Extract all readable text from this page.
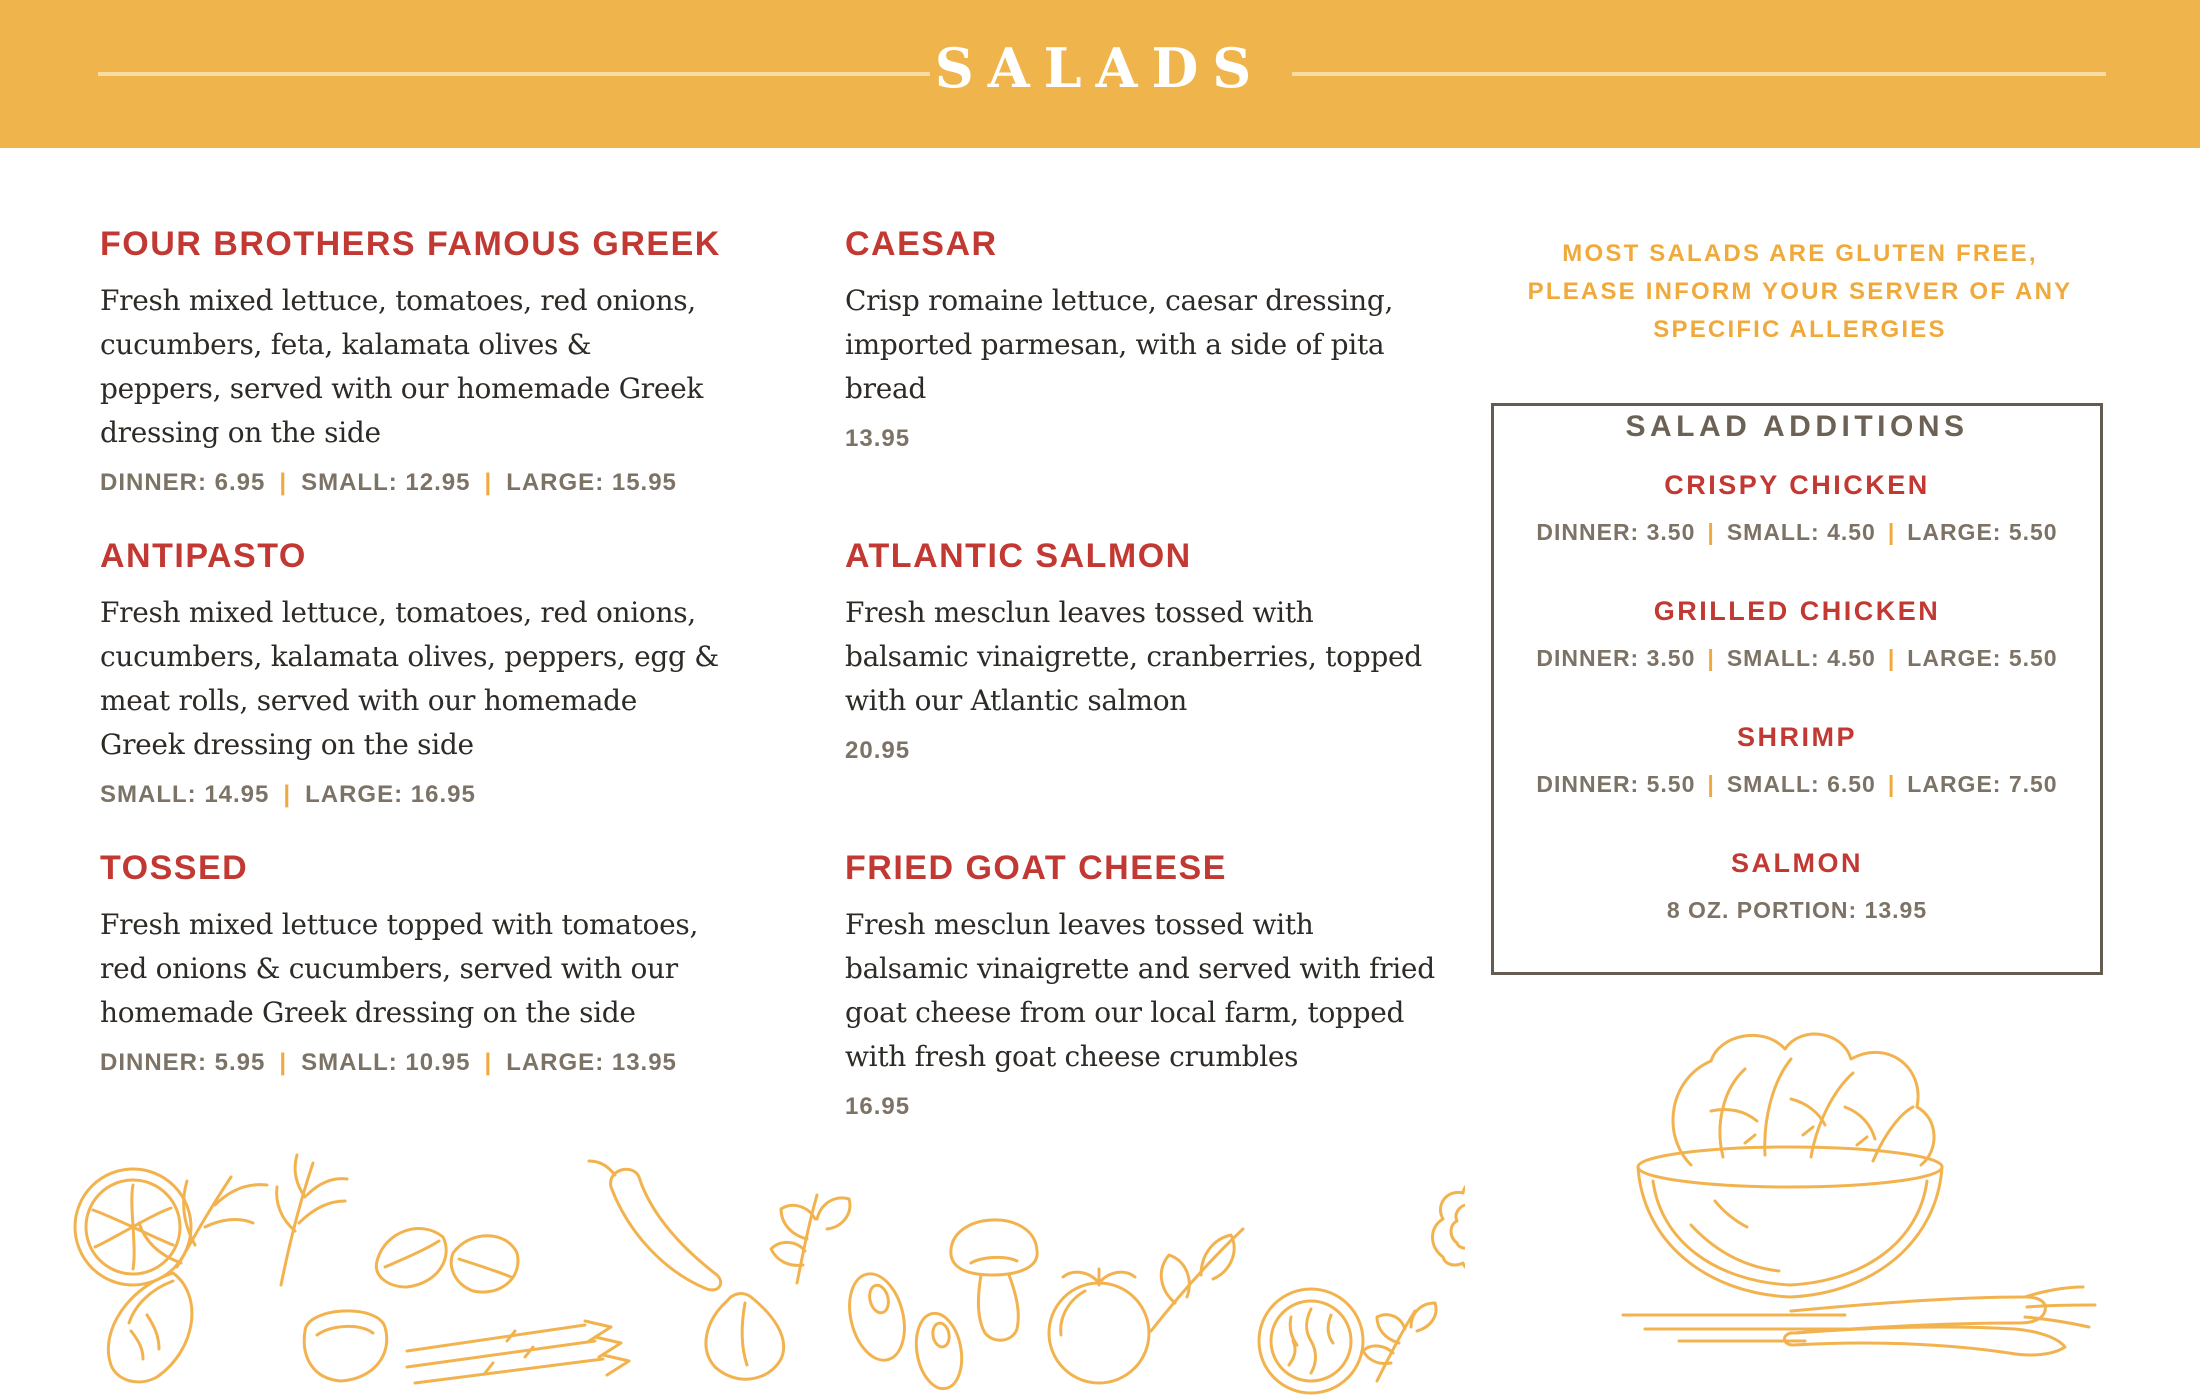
SALADS
FOUR BROTHERS FAMOUS GREEK

Fresh mixed lettuce, tomatoes, red onions, cucumbers, feta, kalamata olives & peppers, served with our homemade Greek dressing on the side

DINNER: 6.95 | SMALL: 12.95 | LARGE: 15.95
ANTIPASTO

Fresh mixed lettuce, tomatoes, red onions, cucumbers, kalamata olives, peppers, egg & meat rolls, served with our homemade Greek dressing on the side

SMALL: 14.95 | LARGE: 16.95
TOSSED

Fresh mixed lettuce topped with tomatoes, red onions & cucumbers, served with our homemade Greek dressing on the side

DINNER: 5.95 | SMALL: 10.95 | LARGE: 13.95
CAESAR

Crisp romaine lettuce, caesar dressing, imported parmesan, with a side of pita bread

13.95
ATLANTIC SALMON

Fresh mesclun leaves tossed with balsamic vinaigrette, cranberries, topped with our Atlantic salmon

20.95
FRIED GOAT CHEESE

Fresh mesclun leaves tossed with balsamic vinaigrette and served with fried goat cheese from our local farm, topped with fresh goat cheese crumbles

16.95
MOST SALADS ARE GLUTEN FREE,
PLEASE INFORM YOUR SERVER OF ANY
SPECIFIC ALLERGIES
SALAD ADDITIONS
CRISPY CHICKEN
DINNER: 3.50 | SMALL: 4.50 | LARGE: 5.50
GRILLED CHICKEN
DINNER: 3.50 | SMALL: 4.50 | LARGE: 5.50
SHRIMP
DINNER: 5.50 | SMALL: 6.50 | LARGE: 7.50
SALMON
8 OZ. PORTION: 13.95
